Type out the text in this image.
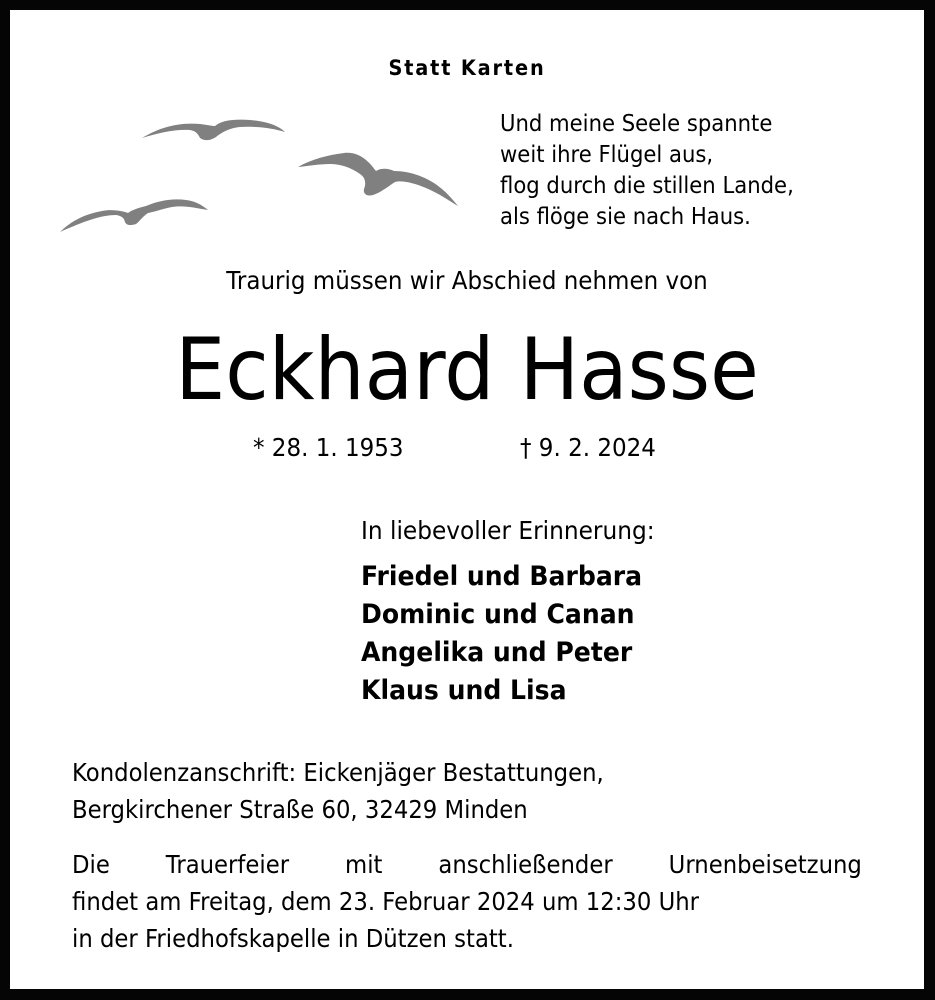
Statt Karten
Und meine Seele spannte
weit ihre Flügel aus,
flog durch die stillen Lande,
als flöge sie nach Haus.
Traurig müssen wir Abschied nehmen von
Eckhard Hasse
* 28. 1. 1953	† 9. 2. 2024
In liebevoller Erinnerung:
Friedel und Barbara
Dominic und Canan
Angelika und Peter
Klaus und Lisa
Kondolenzanschrift: Eickenjäger Bestattungen,
Bergkirchener Straße 60, 32429 Minden
Die Trauerfeier mit anschließender Urnenbeisetzung
findet am Freitag, dem 23. Februar 2024 um 12:30 Uhr
in der Friedhofskapelle in Dützen statt.
